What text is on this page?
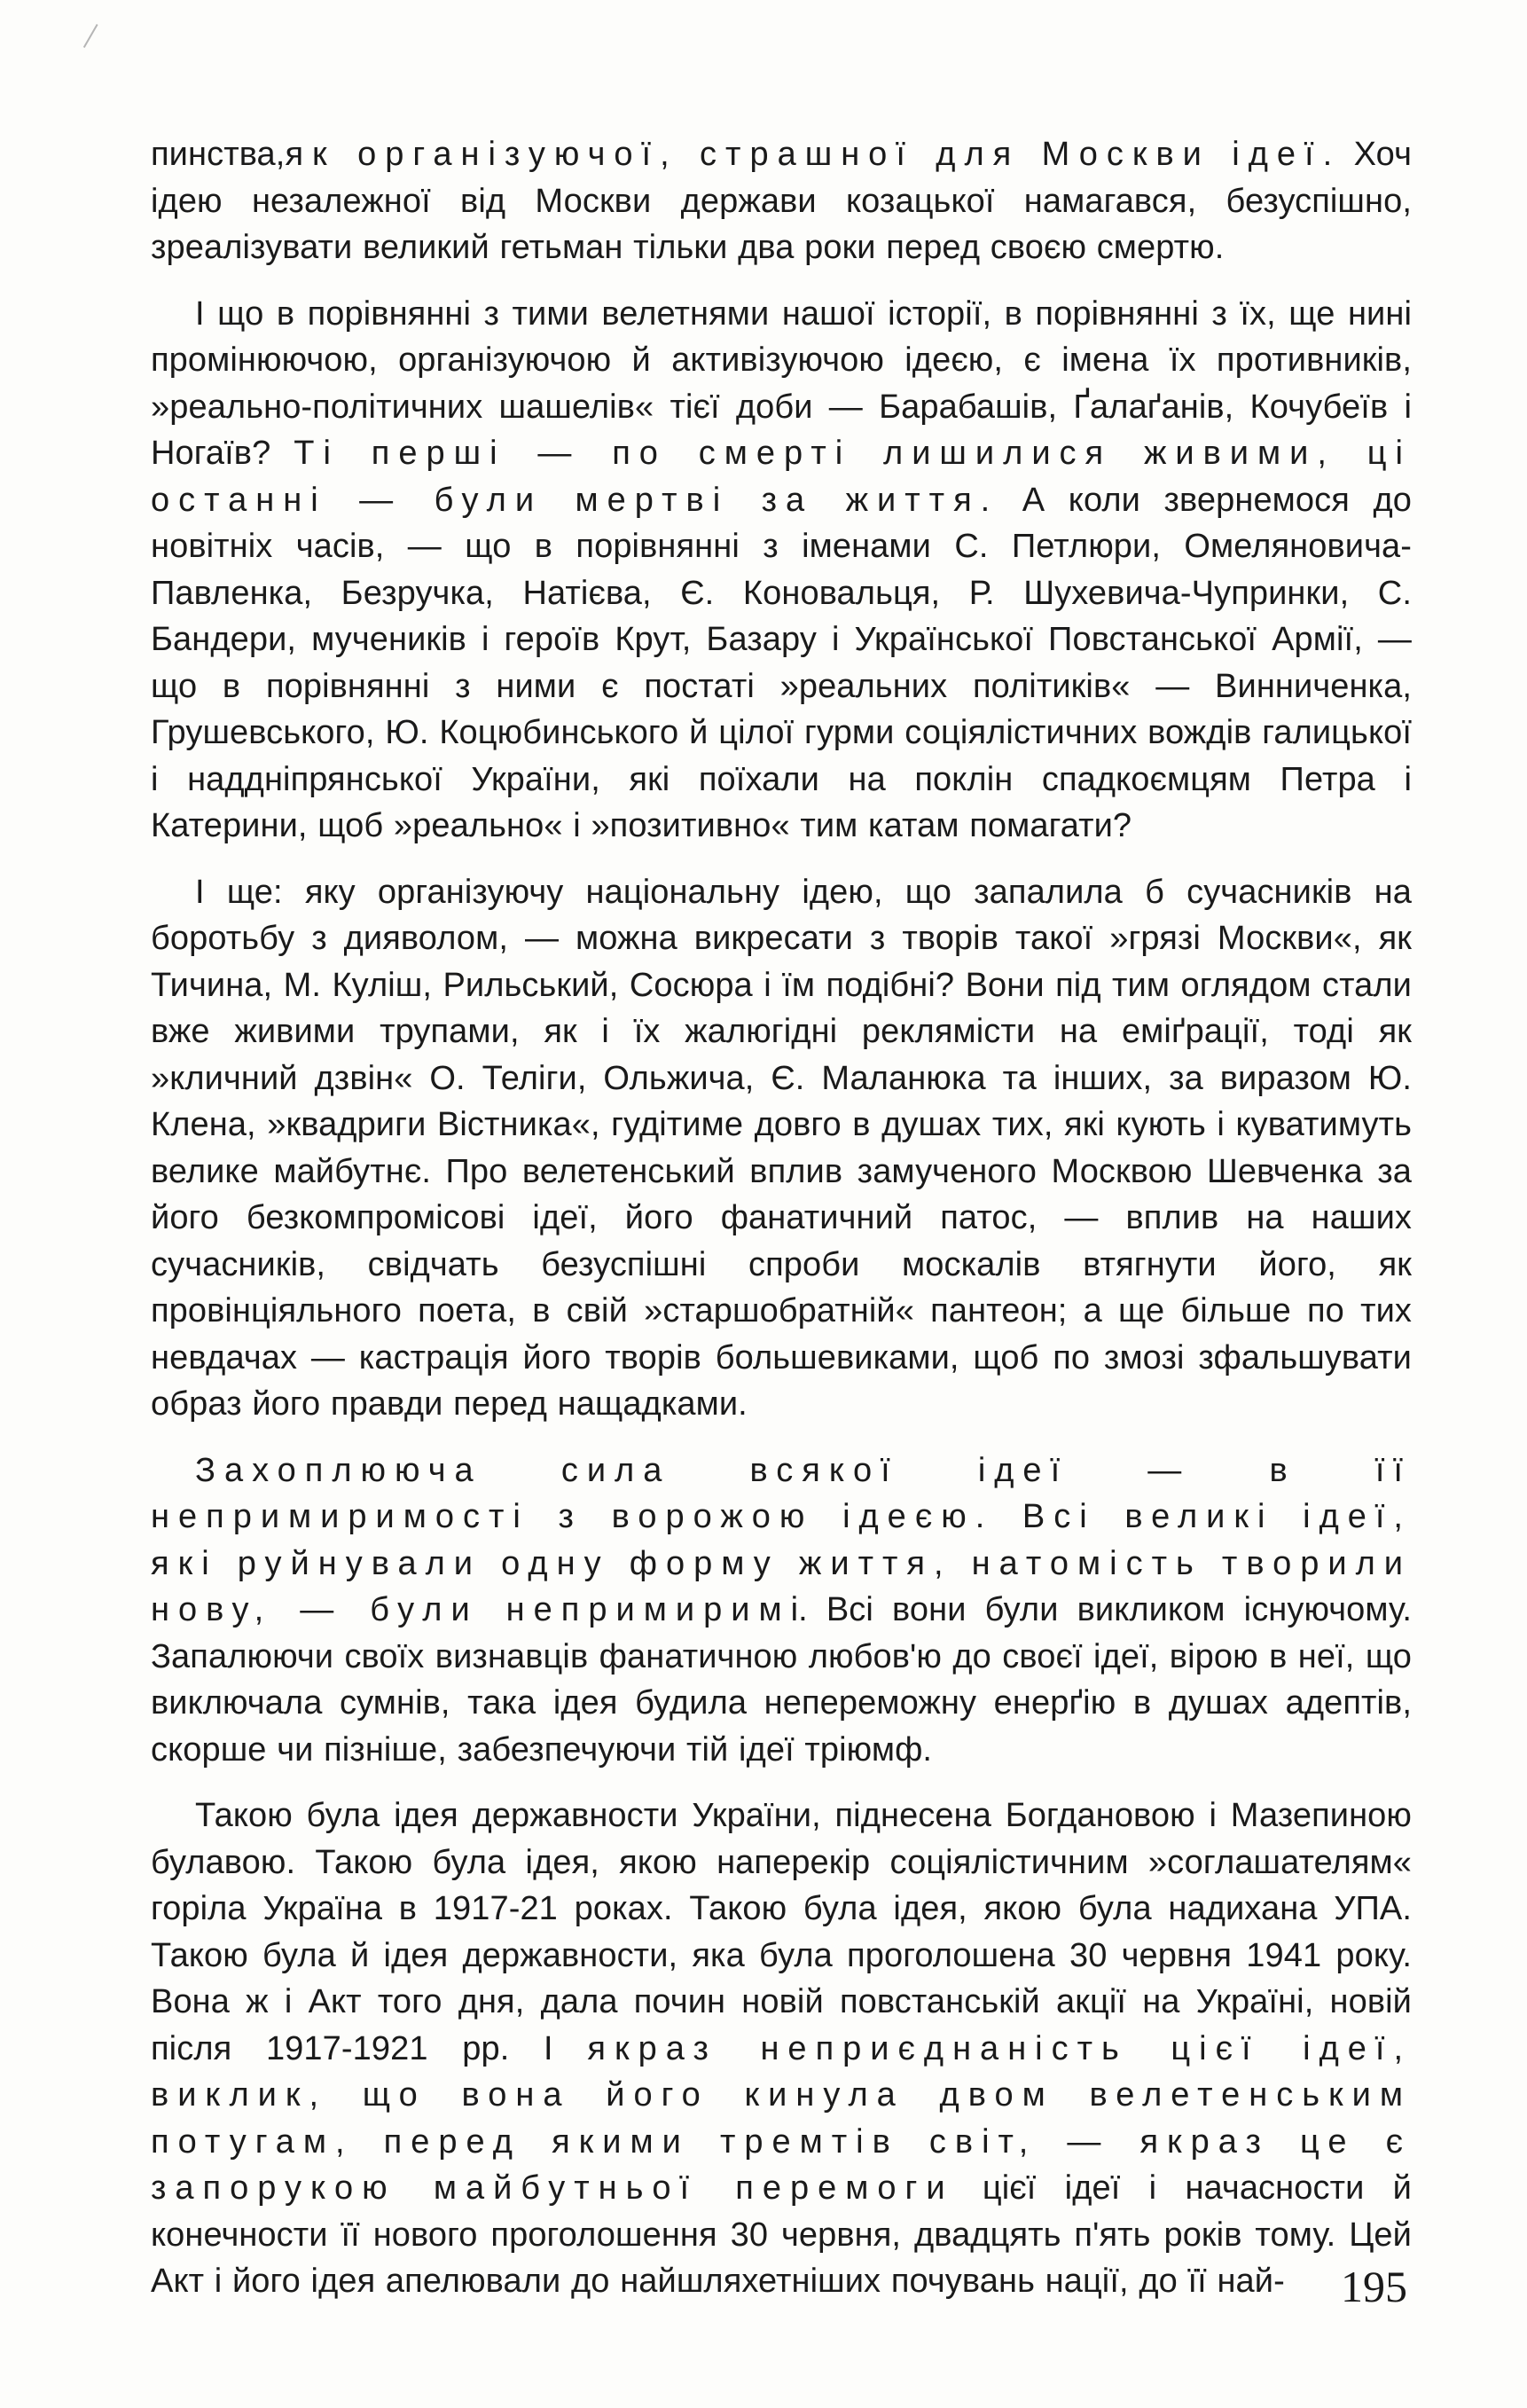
пинства,як організуючої, страшної для Москви ідеї. Хоч ідею незалежної від Москви держави козацької намагався, безуспішно, зреалізувати великий гетьман тільки два роки перед своєю смертю.

І що в порівнянні з тими велетнями нашої історії, в порівнянні з їх, ще нині промінюючою, організуючою й активізуючою ідеєю, є імена їх противників, »реально-політичних шашелів« тієї доби — Барабашів, Ґалаґанів, Кочубеїв і Ногаїв? Ті перші — по смерті лишилися живими, ці останні — були мертві за життя. А коли звернемося до новітніх часів, — що в порівнянні з іменами С. Петлюри, Омеляновича-Павленка, Безручка, Натієва, Є. Коновальця, Р. Шухевича-Чупринки, С. Бандери, мучеників і героїв Крут, Базару і Української Повстанської Армії, — що в порівнянні з ними є постаті »реальних політиків« — Винниченка, Грушевського, Ю. Коцюбинського й цілої гурми соціялістичних вождів галицької і наддніпрянської України, які поїхали на поклін спадкоємцям Петра і Катерини, щоб »реально« і »позитивно« тим катам помагати?

І ще: яку організуючу національну ідею, що запалила б сучасників на боротьбу з дияволом, — можна викресати з творів такої »грязі Москви«, як Тичина, М. Куліш, Рильський, Сосюра і їм подібні? Вони під тим оглядом стали вже живими трупами, як і їх жалюгідні реклямісти на еміґрації, тоді як »кличний дзвін« О. Теліги, Ольжича, Є. Маланюка та інших, за виразом Ю. Клена, »квадриги Вістника«, гудітиме довго в душах тих, які кують і куватимуть велике майбутнє. Про велетенський вплив замученого Москвою Шевченка за його безкомпромісові ідеї, його фанатичний патос, — вплив на наших сучасників, свідчать безуспішні спроби москалів втягнути його, як провінціяльного поета, в свій »старшобратній« пантеон; а ще більше по тих невдачах — кастрація його творів большевиками, щоб по змозі зфальшувати образ його правди перед нащадками.

Захоплююча сила всякої ідеї — в її непримиримості з ворожою ідеєю. Всі великі ідеї, які руйнували одну форму життя, натомість творили нову, — були непримиримі. Всі вони були викликом існуючому. Запалюючи своїх визнавців фанатичною любов'ю до своєї ідеї, вірою в неї, що виключала сумнів, така ідея будила непереможну енерґію в душах адептів, скорше чи пізніше, забезпечуючи тій ідеї тріюмф.

Такою була ідея державности України, піднесена Богдановою і Мазепиною булавою. Такою була ідея, якою наперекір соціялістичним »соглашателям« горіла Україна в 1917-21 роках. Такою була ідея, якою була надихана УПА. Такою була й ідея державности, яка була проголошена 30 червня 1941 року. Вона ж і Акт того дня, дала почин новій повстанській акції на Україні, новій після 1917-1921 рр. І якраз неприєднаність цієї ідеї, виклик, що вона його кинула двом велетенським потугам, перед якими тремтів світ, — якраз це є запорукою майбутньої перемоги цієї ідеї і начасности й конечности її нового проголошення 30 червня, двадцять п'ять років тому. Цей Акт і його ідея апелювали до найшляхетніших почувань нації, до її най-	195
